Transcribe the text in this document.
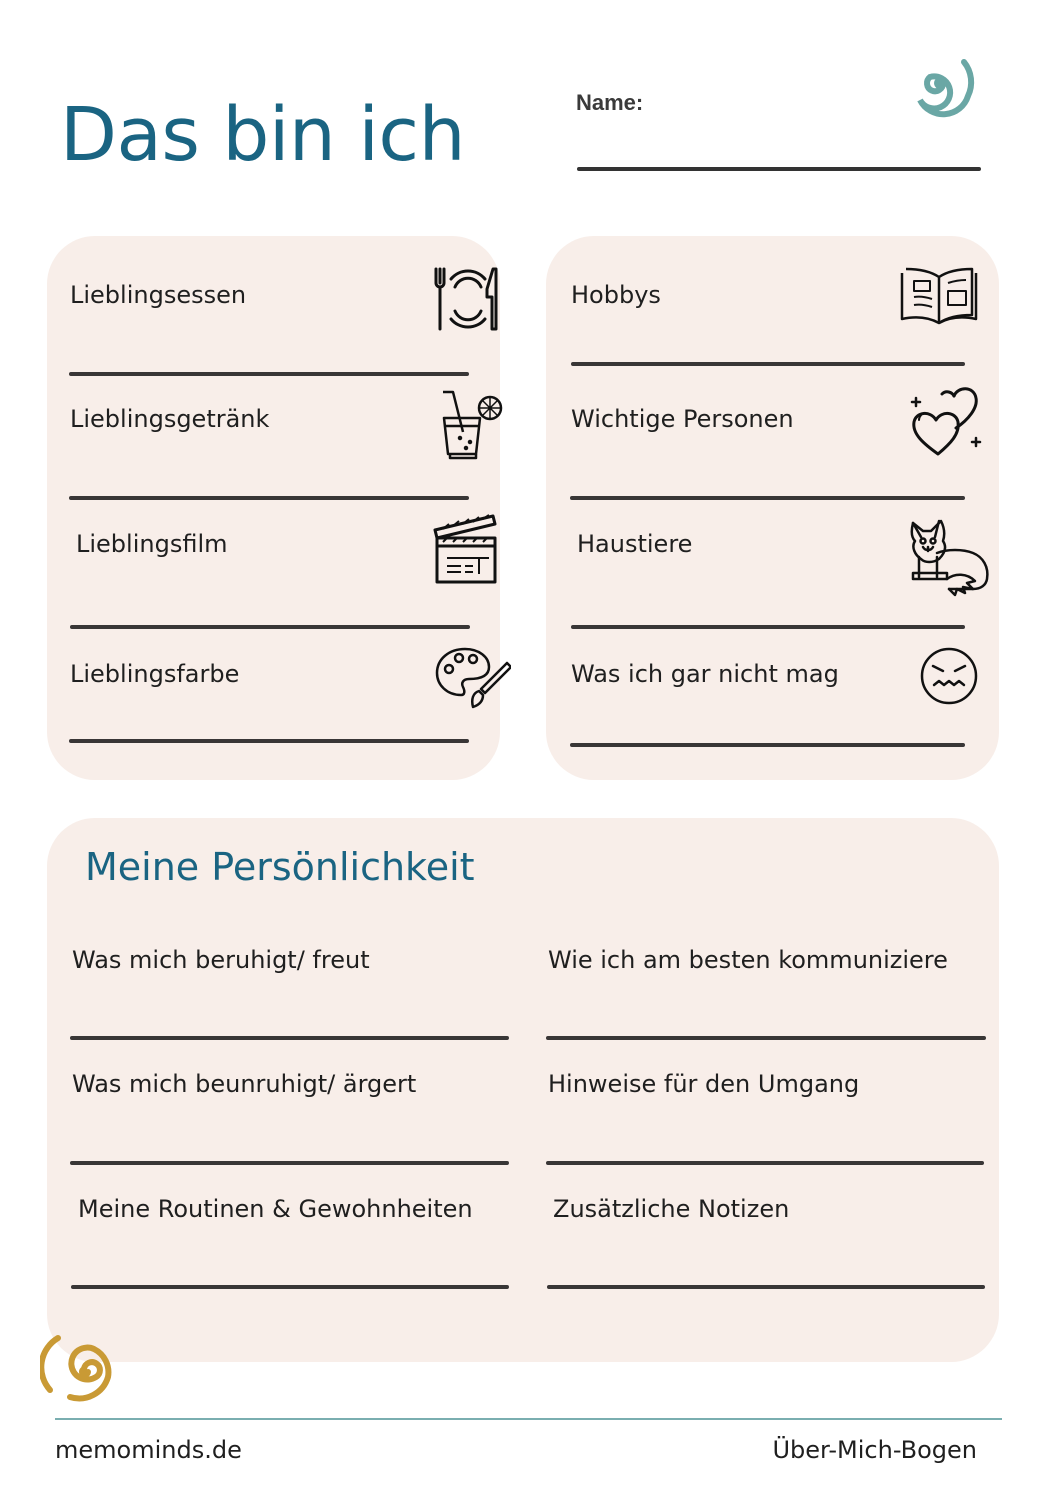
Das bin ich	Name:
Lieblingsessen
Lieblingsgetränk
Lieblingsfilm
Lieblingsfarbe
Hobbys
Wichtige Personen
Haustiere
Was ich gar nicht mag
Meine Persönlichkeit
Was mich beruhigt/ freut	Wie ich am besten kommuniziere
Was mich beunruhigt/ ärgert	Hinweise für den Umgang
Meine Routinen & Gewohnheiten	Zusätzliche Notizen
memominds.de	Über-Mich-Bogen
